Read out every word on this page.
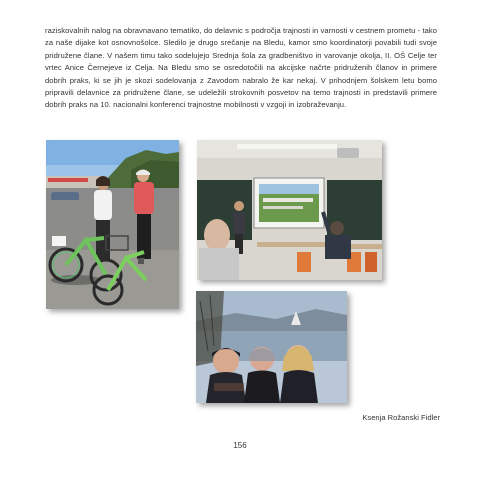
raziskovalnih nalog na obravnavano tematiko, do delavnic s področja trajnosti in varnosti v cestnem prometu - tako za naše dijake kot osnovnošolce. Sledilo je drugo srečanje na Bledu, kamor smo koordinatorji povabili tudi svoje pridružene člane. V našem timu tako sodelujejo Srednja šola za gradbeništvo in varovanje okolja, II. OŠ Celje ter vrtec Anice Černejeve iz Celja. Na Bledu smo se osredotočili na akcijske načrte pridruženih članov in primere dobrih praks, ki se jih je skozi sodelovanja z Zavodom nabralo že kar nekaj. V prihodnjem šolskem letu bomo pripravili delavnice za pridružene člane, se udeležili strokovnih posvetov na temo trajnosti in predstavili primere dobrih praks na 10. nacionalni konferenci trajnostne mobilnosti v vzgoji in izobraževanju.

Ksenja Rožanski Fidler
156
